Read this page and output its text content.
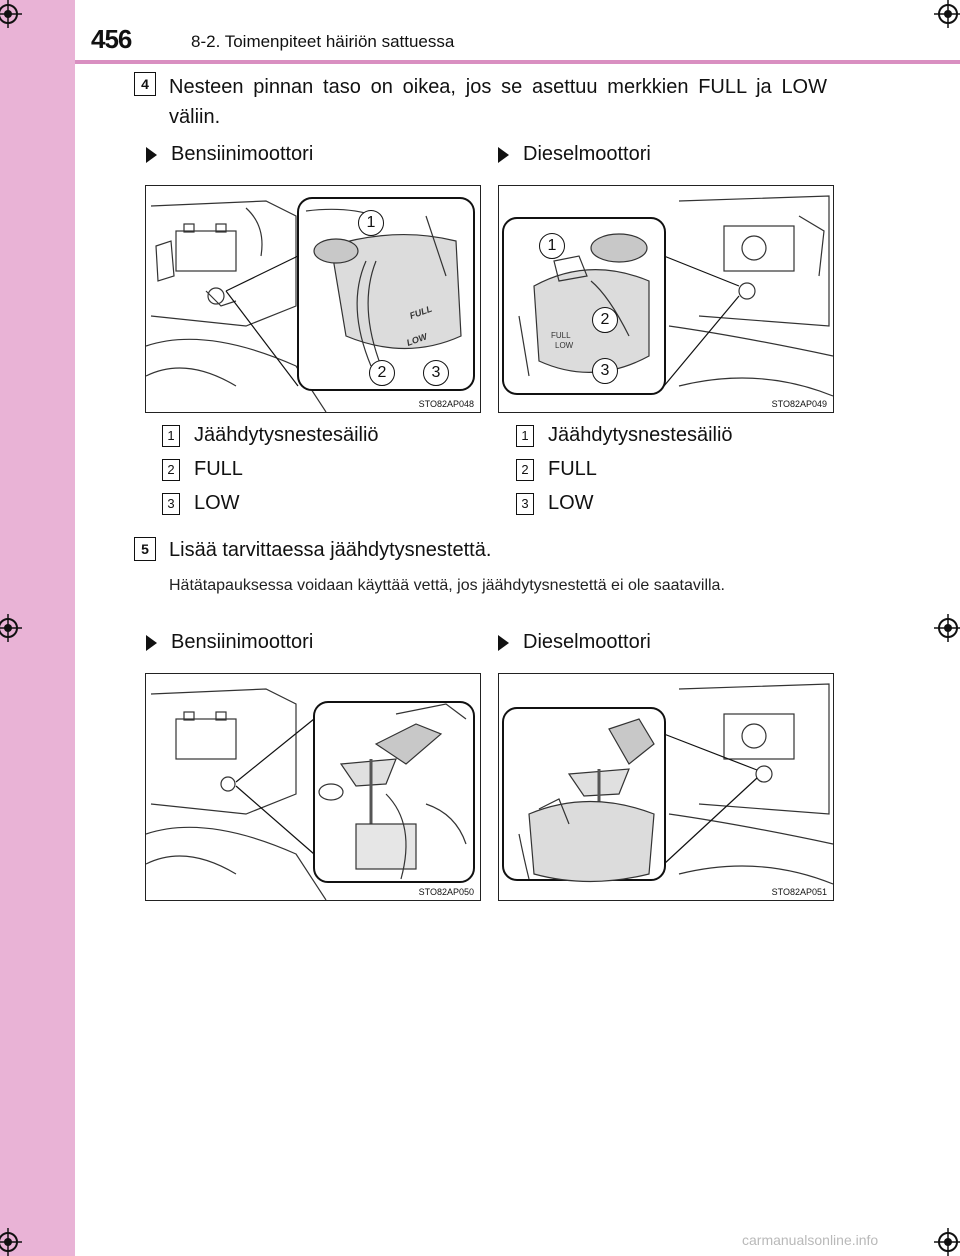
456	8-2. Toimenpiteet häiriön sattuessa
4	Nesteen pinnan taso on oikea, jos se asettuu merkkien FULL ja LOW väliin.
Bensiinimoottori	Dieselmoottori
FULL
LOW
1
2	3
STO82AP048
FULL
LOW
1
2
3
STO82AP049
1 Jäähdytysnestesäiliö
2 FULL
3 LOW
1 Jäähdytysnestesäiliö
2 FULL
3 LOW
5	Lisää tarvittaessa jäähdytysnestettä.
Hätätapauksessa voidaan käyttää vettä, jos jäähdytysnestettä ei ole saatavilla.
Bensiinimoottori	Dieselmoottori
STO82AP050	STO82AP051
carmanualsonline.info
